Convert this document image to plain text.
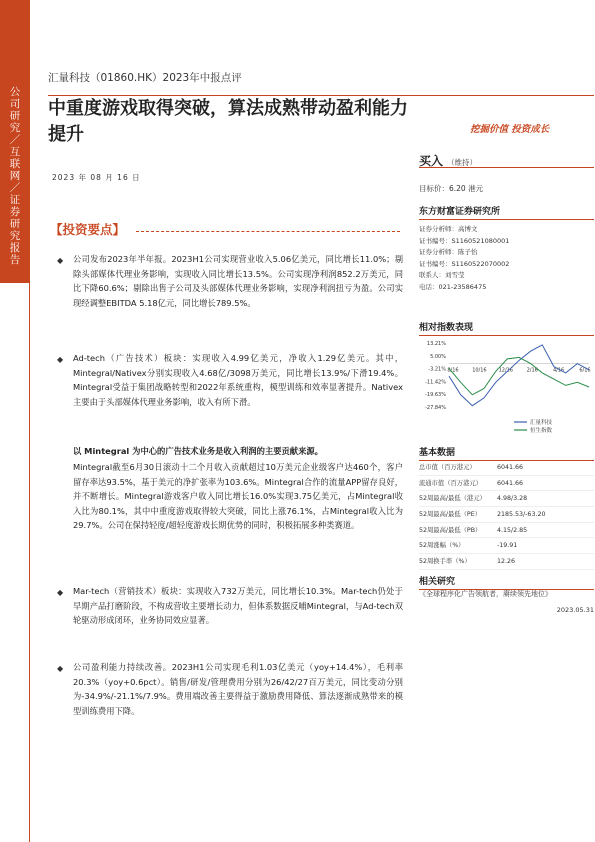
公
司
研
究
／
互
联
网
／
证
券
研
究
报
告
汇量科技（01860.HK）2023年中报点评
中重度游戏取得突破，算法成熟带动盈利能力提升	挖掘价值 投资成长
2023 年 08 月 16 日
买入 （维持）
目标价：6.20 港元
东方财富证券研究所
证券分析师：高博文
证书编号：S1160521080001
证券分析师：陈子怡
证书编号：S1160522070002
联系人：刘雪莹
电话：021-23586475
相对指数表现
13.21%
5.00%
-3.21%
-11.42%
-19.63%
-27.84%
8/16	10/16 12/16	2/16	4/16	6/16
汇量科技
恒生指数
基本数据
总市值（百万港元）	6041.66
流通市值（百万港元）	6041.66
52周最高/最低（港元）	4.98/3.28
52周最高/最低（PE）	2185.53/-63.20
52周最高/最低（PB）	4.15/2.85
52周涨幅（%）	-19.91
52周换手率（%）	12.26
相关研究
《全球程序化广告领航者，赓续领先地位》
2023.05.31
【投资要点】
◆ 公司发布2023年半年报。2023H1公司实现营业收入5.06亿美元，同比增长11.0%；剔除头部媒体代理业务影响，实现收入同比增长13.5%。公司实现净利润852.2万美元，同比下降60.6%；剔除出售子公司及头部媒体代理业务影响，实现净利润扭亏为盈。公司实现经调整EBITDA 5.18亿元，同比增长789.5%。
◆ Ad-tech（广告技术）板块：实现收入4.99亿美元，净收入1.29亿美元。其中，Mintegral/Nativex分别实现收入4.68亿/3098万美元，同比增长13.9%/下滑19.4%。Mintegral受益于集团战略转型和2022年系统重构，模型训练和效率显著提升。Nativex主要由于头部媒体代理业务影响，收入有所下滑。
以 Mintegral 为中心的广告技术业务是收入利润的主要贡献来源。
Mintegral截至6月30日滚动十二个月收入贡献超过10万美元企业级客户达460个，客户留存率达93.5%，基于美元的净扩张率为103.6%。Mintegral合作的流量APP留存良好，并不断增长。Mintegral游戏客户收入同比增长16.0%实现3.75亿美元，占Mintegral收入比为80.1%，其中中重度游戏取得较大突破，同比上涨76.1%，占Mintegral收入比为29.7%。公司在保持轻度/超轻度游戏长期优势的同时，积极拓展多种类赛道。
◆ Mar-tech（营销技术）板块：实现收入732万美元，同比增长10.3%。Mar-tech仍处于早期产品打磨阶段，不构成营收主要增长动力，但体系数据反哺Mintegral，与Ad-tech双轮驱动形成闭环，业务协同效应显著。
◆ 公司盈利能力持续改善。2023H1公司实现毛利1.03亿美元（yoy+14.4%），毛利率20.3%（yoy+0.6pct）。销售/研发/管理费用分别为26/42/27百万美元，同比变动分别为-34.9%/-21.1%/7.9%。费用端改善主要得益于激励费用降低、算法逐渐成熟带来的模型训练费用下降。
